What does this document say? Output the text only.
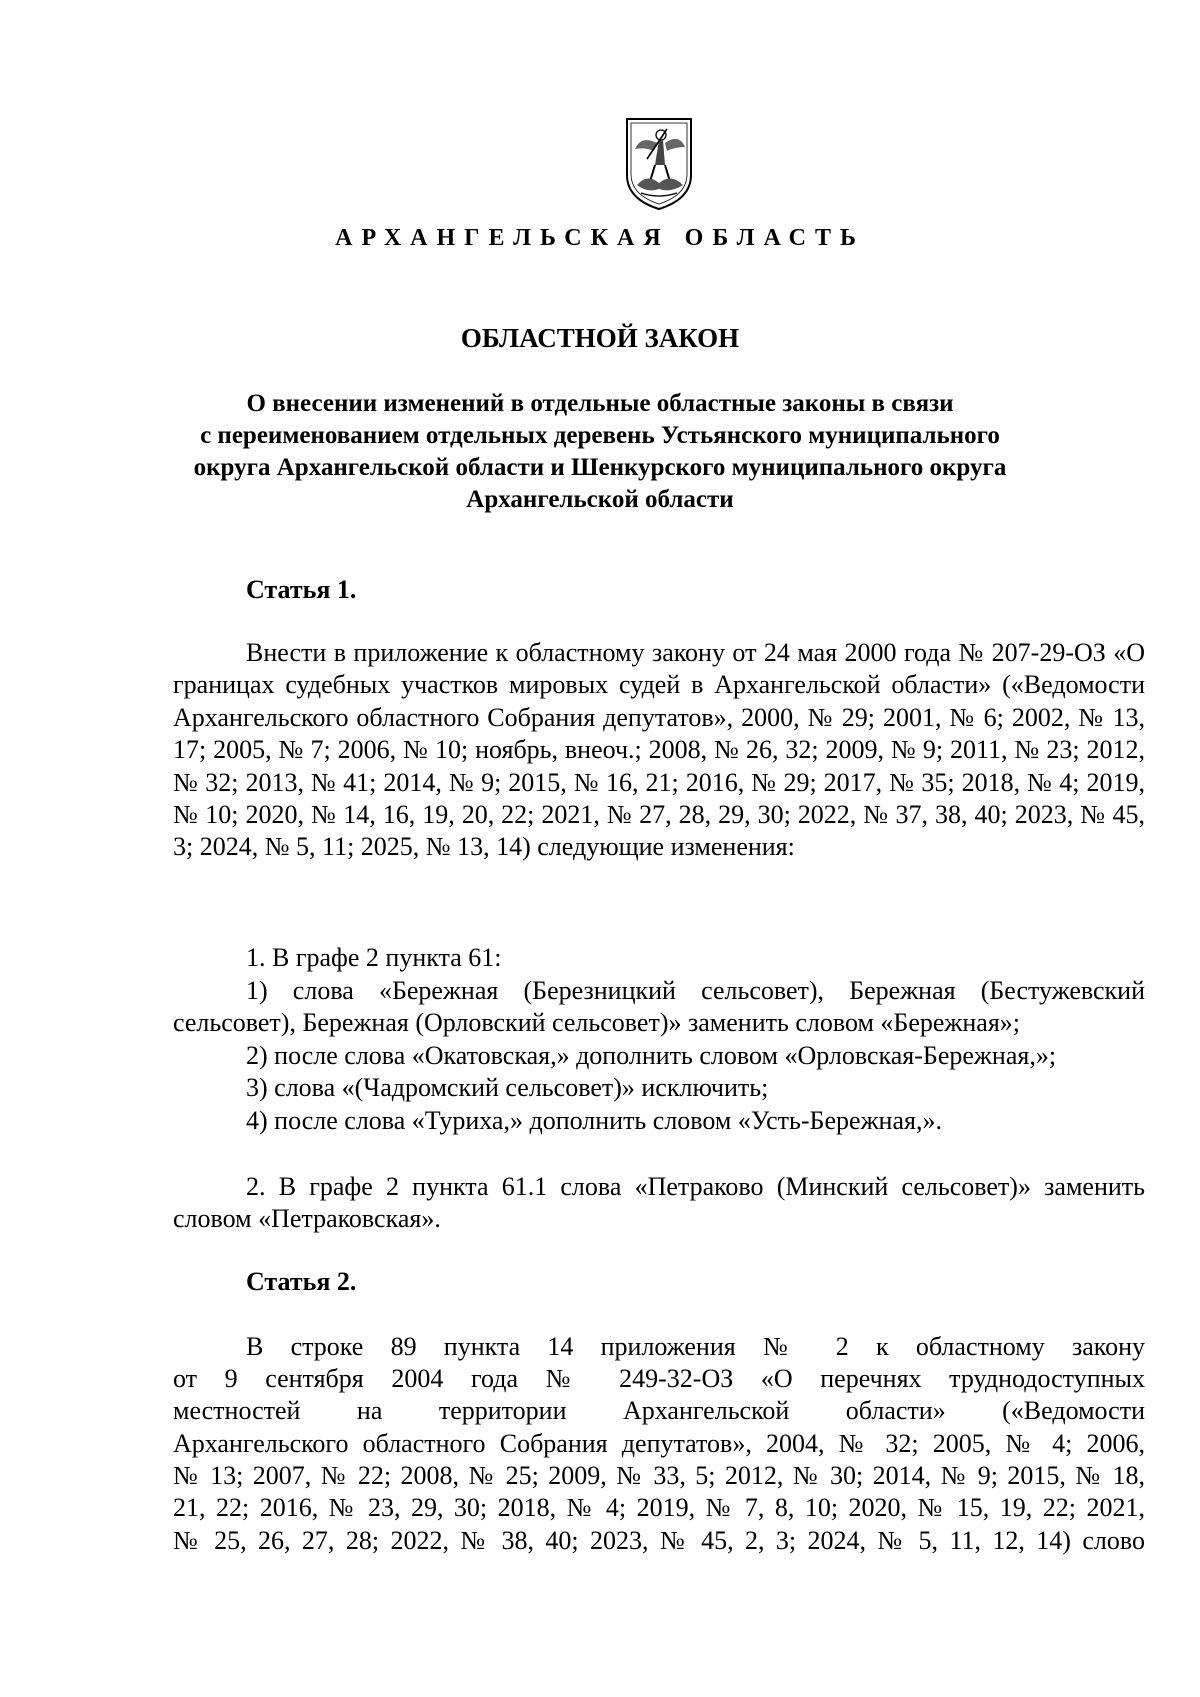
АРХАНГЕЛЬСКАЯ ОБЛАСТЬ
ОБЛАСТНОЙ ЗАКОН
О внесении изменений в отдельные областные законы в связи
с переименованием отдельных деревень Устьянского муниципального
округа Архангельской области и Шенкурского муниципального округа
Архангельской области
Статья 1.

Внести в приложение к областному закону от 24 мая 2000 года № 207-29-ОЗ «О границах судебных участков мировых судей в Архангельской области» («Ведомости Архангельского областного Собрания депутатов», 2000, № 29; 2001, № 6; 2002, № 13, 17; 2005, № 7; 2006, № 10; ноябрь, внеоч.; 2008, № 26, 32; 2009, № 9; 2011, № 23; 2012, № 32; 2013, № 41; 2014, № 9; 2015, № 16, 21; 2016, № 29; 2017, № 35; 2018, № 4; 2019, № 10; 2020, № 14, 16, 19, 20, 22; 2021, № 27, 28, 29, 30; 2022, № 37, 38, 40; 2023, № 45, 3; 2024, № 5, 11; 2025, № 13, 14) следующие изменения:

1. В графе 2 пункта 61:

1) слова «Бережная (Березницкий сельсовет), Бережная (Бестужевский сельсовет), Бережная (Орловский сельсовет)» заменить словом «Бережная»;

2) после слова «Окатовская,» дополнить словом «Орловская-Бережная,»;

3) слова «(Чадромский сельсовет)» исключить;

4) после слова «Туриха,» дополнить словом «Усть-Бережная,».

2. В графе 2 пункта 61.1 слова «Петраково (Минский сельсовет)» заменить словом «Петраковская».

Статья 2.

В строке 89 пункта 14 приложения № 2 к областному закону

от 9 сентября 2004 года № 249-32-ОЗ «О перечнях труднодоступных

местностей на территории Архангельской области» («Ведомости

Архангельского областного Собрания депутатов», 2004, № 32; 2005, № 4; 2006,

№ 13; 2007, № 22; 2008, № 25; 2009, № 33, 5; 2012, № 30; 2014, № 9; 2015, № 18,

21, 22; 2016, № 23, 29, 30; 2018, № 4; 2019, № 7, 8, 10; 2020, № 15, 19, 22; 2021,

№ 25, 26, 27, 28; 2022, № 38, 40; 2023, № 45, 2, 3; 2024, № 5, 11, 12, 14) слово
